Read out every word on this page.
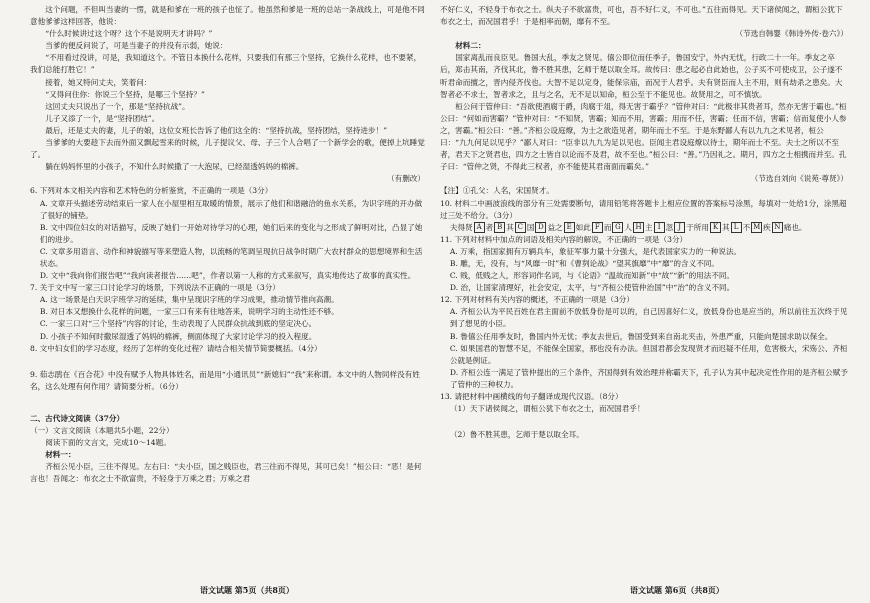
这个问题，不但叫当妻的一愣，就是和爹在一班的孩子也怔了。他虽然和爹是一班的总站一条战线上，可是他不同意他爹爹这样回答，他说：

“什么时候讲过这个呀？这个不是说明天才讲吗？”

当爹的便反问说了，可是当妻子的并没有示弱，她说：

“不用看过没讲，可是，我知道这个。不管日本换什么花样，只要我们有那三个坚持，它换什么花样，也不要紧，我们总能打胜它！”

接着，她又特问丈夫，笑着问：

“又得问住你：你说三个坚持，是哪三个坚持？”

这回丈夫只说出了一个，那是“坚持抗战”。

儿子又添了一个，是“坚持团结”。

最后，还是丈夫的妻，儿子的娘，这位女班长告诉了他们这全的：“坚持抗战，坚持团结，坚持进步！”

当爹爹的大要趁下去而外面又飘起雪来的时候，儿子提议父、母、子三个人合唱了一个新学会的歌，便掉上坑睡觉了。

躺在妈妈怀里的小孩子，不知什么时候撒了一大泡尿，已经湿透妈妈的棉裤。

（有删改）

6. 下列对本文相关内容和艺术特色的分析鉴赏，不正确的一项是（3分）

A. 文章开头描述劳动结束后一家人在小屋里相互取暖的情景，展示了他们和谐融洽的鱼水关系，为识字班的开办做了很好的铺垫。

B. 文中四位妇女的对话描写，反映了她们一开始对待学习的心理，她们后来的变化与之形成了鲜明对比，凸显了她们的进步。

C. 文章多用语言、动作和神貌描写等来塑造人物，以流畅的笔调呈现抗日战争时期广大农村群众的思想境界和生活状态。

D. 文中“我向你们报告吧”“我向读者报告……吧”，作者以第一人称的方式来叙写，真实地传达了故事的真实性。

7. 关于文中写一家三口讨论学习的场景，下列说法不正确的一项是（3分）

A. 这一场景是白天识字班学习的延续，集中呈现识字班的学习成果，推动情节推向高潮。

B. 对日本又想换什么花样的问题，一家三口有来有往地答来，说明学习的主动性还不够。

C. 一家三口对“三个坚持”内容的讨论，生动表现了人民群众抗战到底的坚定决心。

D. 小孩子不知何时撒尿湿透了妈妈的棉裤，侧面体现了大家讨论学习的投入程度。

8. 文中妇女们的学习态度，经历了怎样的变化过程？请结合相关情节简要概括。（4分）

9. 茹志鹃在《百合花》中没有赋予人物具体姓名，而是用“小通讯员”“新媳妇”“我”来称谓。本文中的人物同样没有姓名，这么处理有何作用？请简要分析。（6分）

二、古代诗文阅读（37分）

（一）文言文阅读（本题共5小题，22分）

阅读下面的文言文，完成10～14题。

材料一：

齐桓公见小臣，三往不得见。左右曰：“夫小臣，国之贱臣也，君三往而不得见，其可已矣！”桓公曰：“恶！是何言也！吾闻之：布衣之士不欲富贵，不轻身于万乘之君；万乘之君

不好仁义，不轻身于布衣之士。纵夫子不欲富贵，可也，吾不好仁义，不可也。”五往而得见。天下诸侯闻之，谓桓公犹下布衣之士，而况国君乎！于是相率而朝，靡有不至。

（节选自韩婴《韩诗外传·卷六》）

材料二：

国家离乱而良臣见。鲁国大乱，季友之贤见。僖公即位而任季子，鲁国安宁，外内无忧，行政二十一年。季友之卒后，郑击其南，齐伐其北，鲁不胜其患，乞师于楚以取全耳。故传曰：患之起必自此始也，公子买不可使戍卫，公子遂不听君命而擅之，晋内侵齐伐也。大智不足以定身，能保宗庙，而况于人君乎。夫有贤臣而人主不用，则有劫杀之患矣。大智者必不求士，智者求之，且与之名，无不足以知命，桓公至于不能见也。故贤用之，可不慎欤。

桓公问于管仲曰：“吾欲使酒腐于爵，肉腐于俎，得无害于霸乎？”管仲对曰：“此极非其贵者耳，然亦无害于霸也。”桓公曰：“何如而害霸？”管仲对曰：“不知贤，害霸；知而不用，害霸；用而不任，害霸；任而不信，害霸；信而复使小人参之，害霸。”桓公曰：“善。”齐桓公设庭燎，为士之欲造见者，期年而士不至。于是东野鄙人有以九九之术见者，桓公曰：“九九何足以见乎？”鄙人对曰：“臣非以九九为足以见也。臣闻主君设庭燎以待士，期年而士不至。夫士之所以不至者，君天下之贤君也，四方之士皆自以论而不及君，故不至也。”桓公曰：“善。”乃因礼之。期月，四方之士相携而并至。孔子曰：“管仲之贤，不得此三权者，亦不能使其君南面而霸矣。”

（节选自刘向《说苑·尊贤》）

【注】①孔父：人名，宋国贤才。

10. 材料二中画波浪线的部分有三处需要断句，请用铅笔将答题卡上相应位置的答案标号涂黑，每填对一处给1分，涂黑超过三处不给分。（3分）

夫得贤 A 者 B 其 C 国 D 益之 E 如此 F 而 G 人 H 主 I 忽 J 于所用 K 其 L 不 M 疾 N 痛也。

11. 下列对材料中加点的词语及相关内容的解说，不正确的一项是（3分）

A. 万乘，指国家拥有万辆兵车，象征军事力量十分强大，是代表国家实力的一种说法。

B. 雕，无，没有，与“风靡一时”和《曹刿论战》“望其旗靡”中“靡”的含义不同。

C. 贱，低贱之人，形容词作名词，与《论语》“温故而知新”中“故”“新”的用法不同。

D. 治，让国家清理好，社会安定，太平，与“齐桓公使管仲治国”中“治”的含义不同。

12. 下列对材料有关内容的概述，不正确的一项是（3分）

A. 齐桓公认为平民百姓在君主面前不放低身份是可以的，自己因喜好仁义，放低身份也是应当的，所以前往五次终于见到了想见的小臣。

B. 鲁僖公任用季友时，鲁国内外无忧；季友去世后，鲁国受到来自南北夹击，外患严重，只能向楚国求助以保全。

C. 如果国君的智慧不足，不能保全国家，那也没有办法。但国君都会发现贤才而迟疑不任用，危害极大，宋殇公、齐桓公就是例证。

D. 齐桓公连一满足了管仲提出的三个条件，齐国得到有效治理并称霸天下，孔子认为其中起决定性作用的是齐桓公赋予了管仲的三种权力。

13. 请把材料中画横线的句子翻译成现代汉语。（8分）

（1）天下诸侯闻之，谓桓公犹下布衣之士，而况国君乎！

（2）鲁不胜其患，乞师于楚以取全耳。

语文试题 第5页（共8页）	语文试题 第6页（共8页）
